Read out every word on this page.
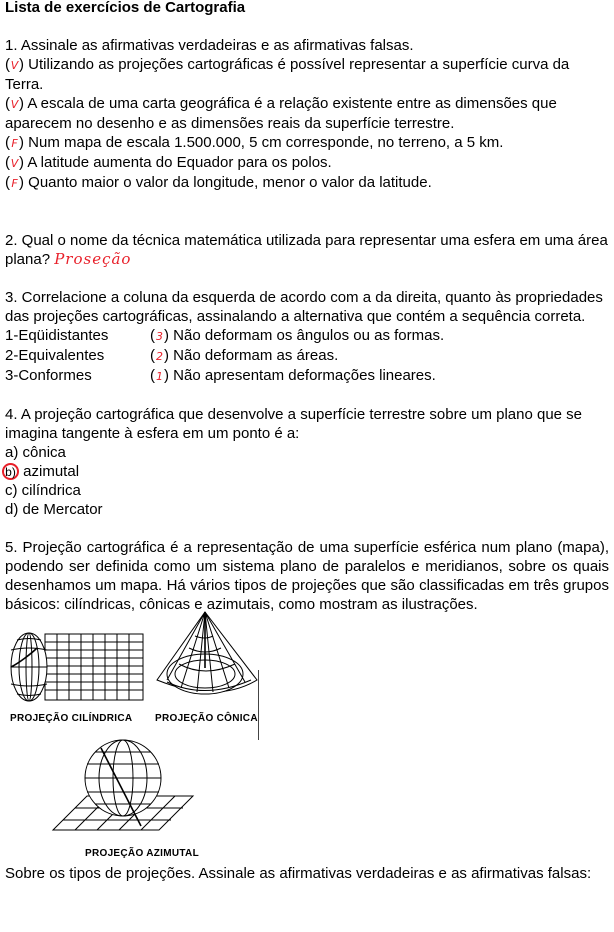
Lista de exercícios de Cartografia

1. Assinale as afirmativas verdadeiras e as afirmativas falsas.

(V) Utilizando as projeções cartográficas é possível representar a superfície curva da Terra.

(V) A escala de uma carta geográfica é a relação existente entre as dimensões que aparecem no desenho e as dimensões reais da superfície terrestre.

(F) Num mapa de escala 1.500.000, 5 cm corresponde, no terreno, a 5 km.

(V) A latitude aumenta do Equador para os polos.

(F) Quanto maior o valor da longitude, menor o valor da latitude.

2. Qual o nome da técnica matemática utilizada para representar uma esfera em uma área plana? Proseção

3. Correlacione a coluna da esquerda de acordo com a da direita, quanto às propriedades das projeções cartográficas, assinalando a alternativa que contém a sequência correta.

1-Eqüidistantes	(3) Não deformam os ângulos ou as formas.
2-Equivalentes	(2) Não deformam as áreas.
3-Conformes	(1) Não apresentam deformações lineares.

4. A projeção cartográfica que desenvolve a superfície terrestre sobre um plano que se imagina tangente à esfera em um ponto é a:

a) cônica

b) azimutal

c) cilíndrica

d) de Mercator

5. Projeção cartográfica é a representação de uma superfície esférica num plano (mapa), podendo ser definida como um sistema plano de paralelos e meridianos, sobre os quais desenhamos um mapa. Há vários tipos de projeções que são classificadas em três grupos básicos: cilíndricas, cônicas e azimutais, como mostram as ilustrações.

PROJEÇÃO CILÍNDRICA PROJEÇÃO CÔNICA
PROJEÇÃO AZIMUTAL

Sobre os tipos de projeções. Assinale as afirmativas verdadeiras e as afirmativas falsas:
